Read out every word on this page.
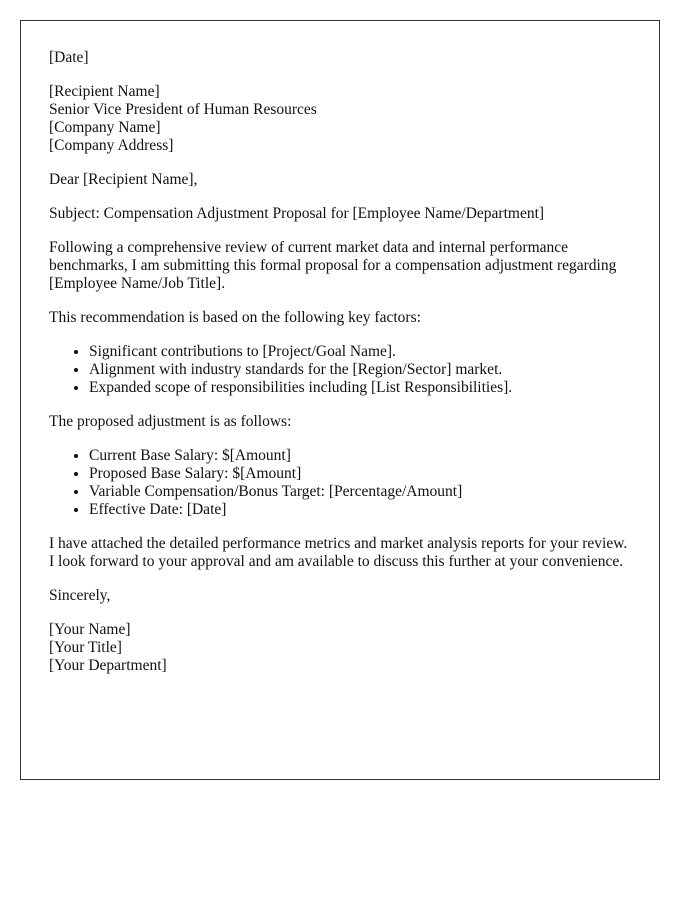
[Date]
[Recipient Name]
Senior Vice President of Human Resources
[Company Name]
[Company Address]

Dear [Recipient Name],

Subject: Compensation Adjustment Proposal for [Employee Name/Department]

Following a comprehensive review of current market data and internal performance benchmarks, I am submitting this formal proposal for a compensation adjustment regarding [Employee Name/Job Title].

This recommendation is based on the following key factors:

• Significant contributions to [Project/Goal Name].
• Alignment with industry standards for the [Region/Sector] market.
• Expanded scope of responsibilities including [List Responsibilities].

The proposed adjustment is as follows:

• Current Base Salary: $[Amount]
• Proposed Base Salary: $[Amount]
• Variable Compensation/Bonus Target: [Percentage/Amount]
• Effective Date: [Date]

I have attached the detailed performance metrics and market analysis reports for your review. I look forward to your approval and am available to discuss this further at your convenience.

Sincerely,

[Your Name]
[Your Title]
[Your Department]
